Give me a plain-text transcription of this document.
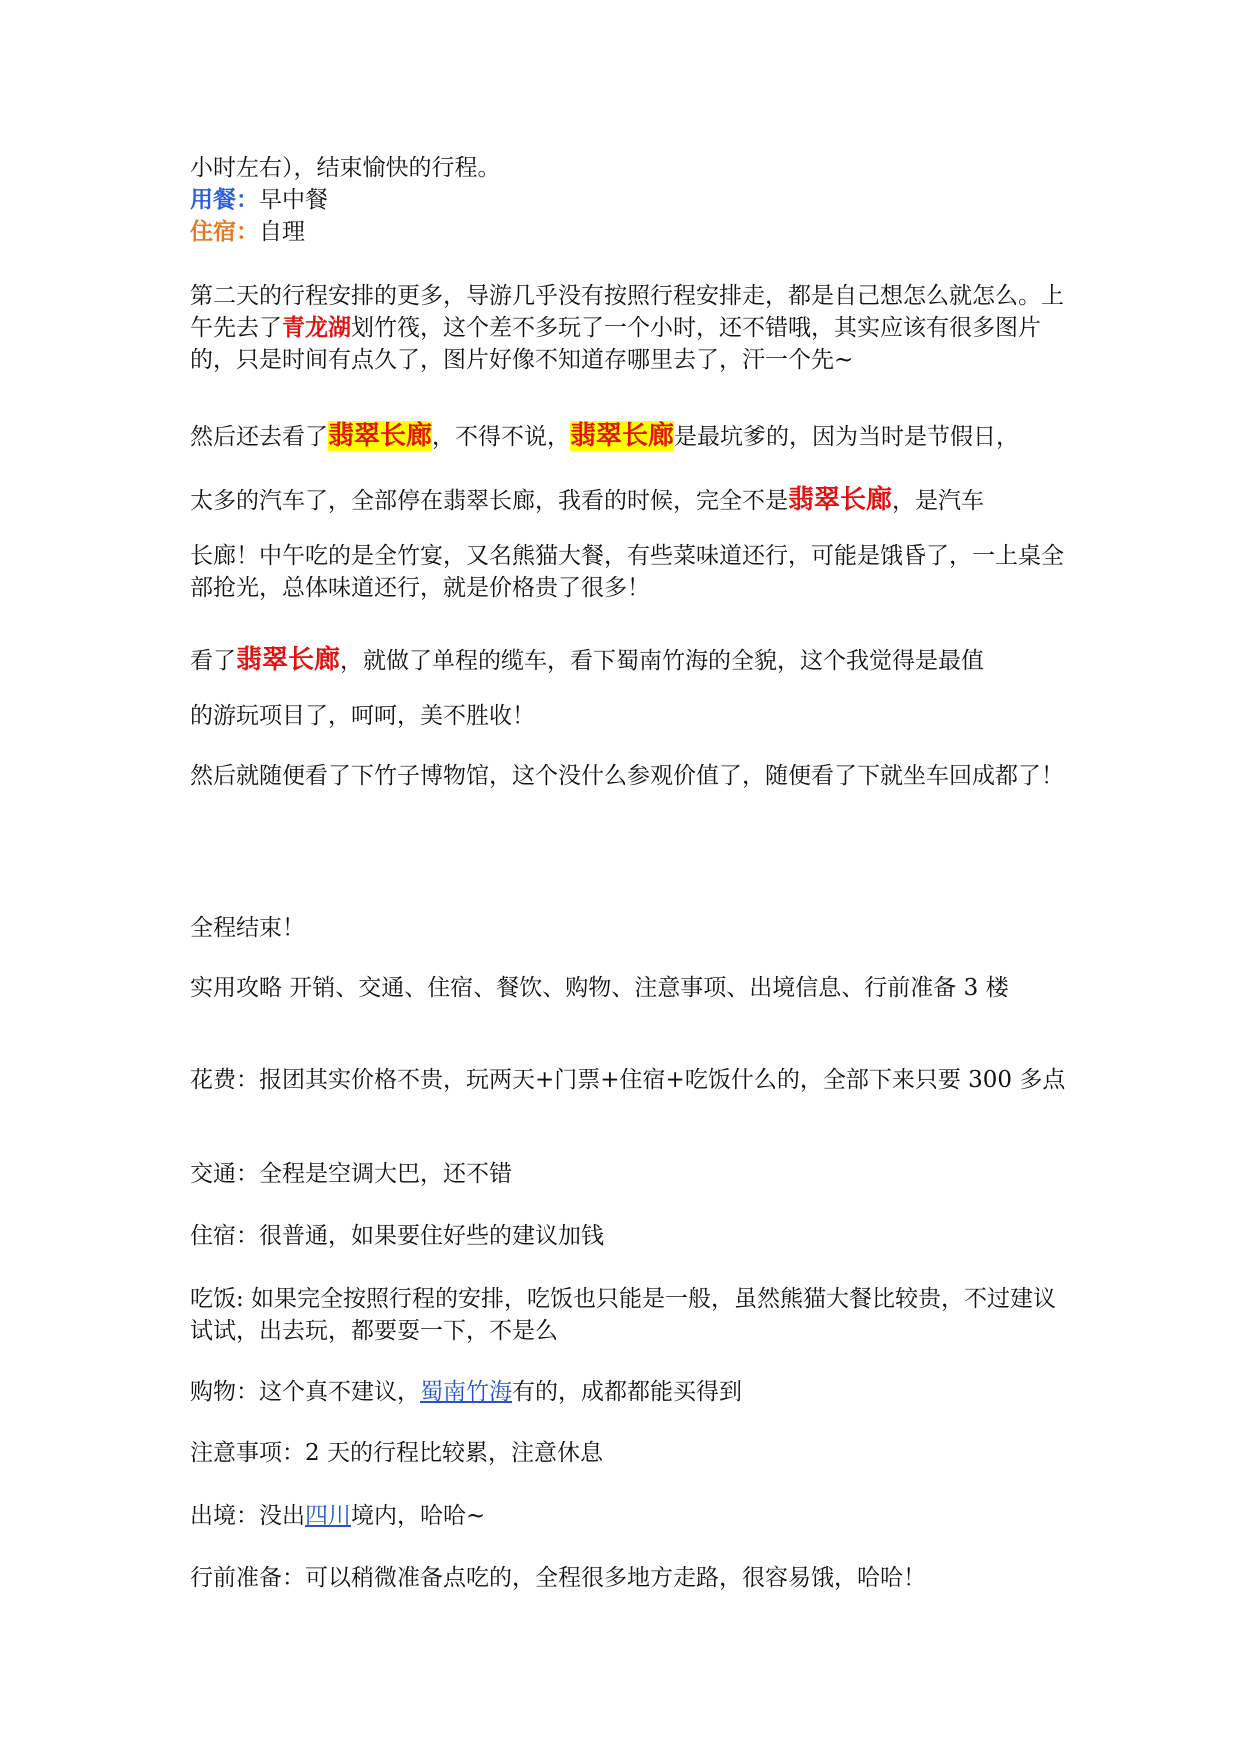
小时左右），结束愉快的行程。

用餐：早中餐

住宿：自理

第二天的行程安排的更多，导游几乎没有按照行程安排走，都是自己想怎么就怎么。上午先去了青龙湖划竹筏，这个差不多玩了一个小时，还不错哦，其实应该有很多图片的，只是时间有点久了，图片好像不知道存哪里去了，汗一个先~

然后还去看了翡翠长廊，不得不说，翡翠长廊是最坑爹的，因为当时是节假日，

太多的汽车了，全部停在翡翠长廊，我看的时候，完全不是翡翠长廊，是汽车

长廊！中午吃的是全竹宴，又名熊猫大餐，有些菜味道还行，可能是饿昏了，一上桌全部抢光，总体味道还行，就是价格贵了很多！

看了翡翠长廊，就做了单程的缆车，看下蜀南竹海的全貌，这个我觉得是最值

的游玩项目了，呵呵，美不胜收！

然后就随便看了下竹子博物馆，这个没什么参观价值了，随便看了下就坐车回成都了！

全程结束！

实用攻略 开销、交通、住宿、餐饮、购物、注意事项、出境信息、行前准备 3 楼

花费：报团其实价格不贵，玩两天+门票+住宿+吃饭什么的，全部下来只要 300 多点

交通：全程是空调大巴，还不错

住宿：很普通，如果要住好些的建议加钱

吃饭: 如果完全按照行程的安排，吃饭也只能是一般，虽然熊猫大餐比较贵，不过建议试试，出去玩，都要耍一下，不是么

购物：这个真不建议，蜀南竹海有的，成都都能买得到

注意事项：2 天的行程比较累，注意休息

出境：没出四川境内，哈哈~

行前准备：可以稍微准备点吃的，全程很多地方走路，很容易饿，哈哈！
